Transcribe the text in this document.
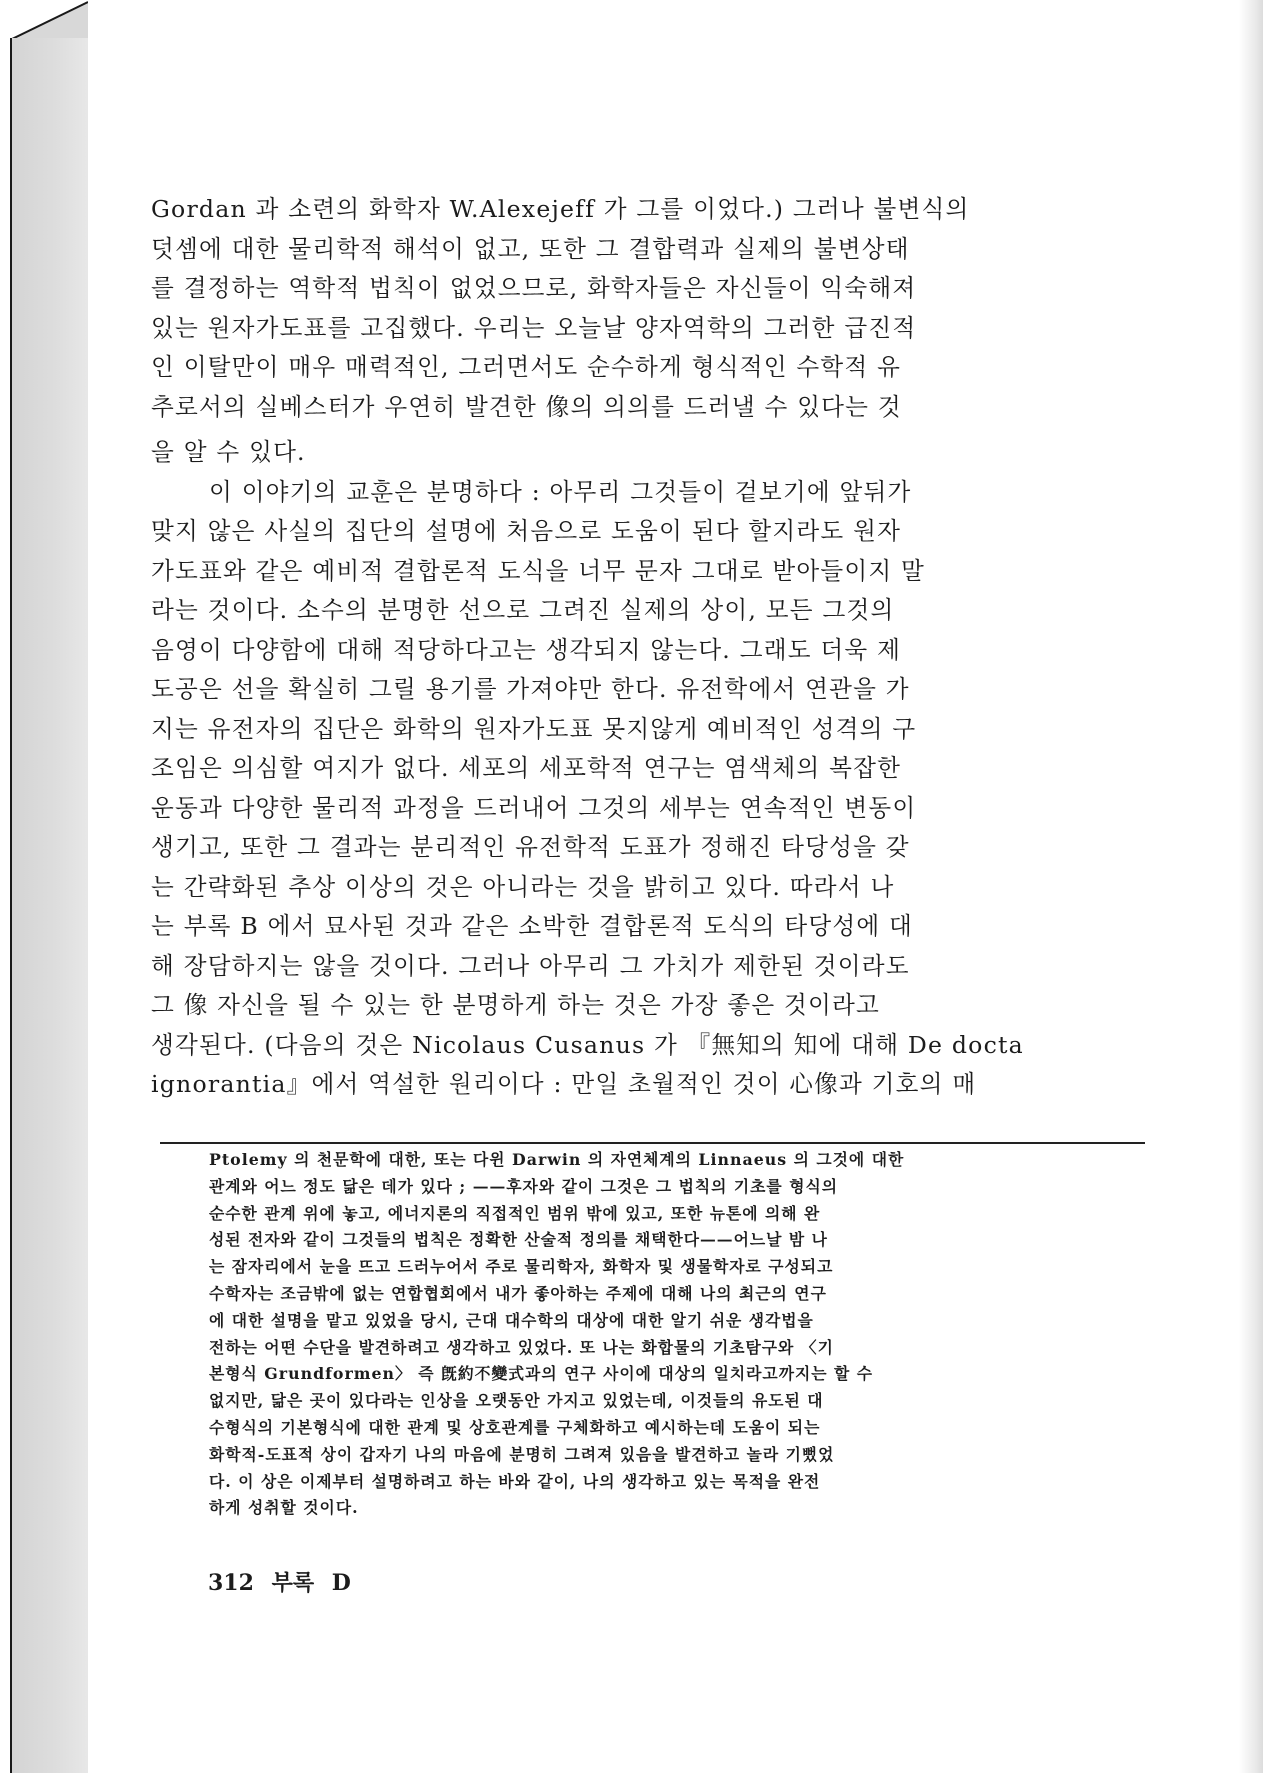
Gordan 과 소련의 화학자 W.Alexejeff 가 그를 이었다.) 그러나 불변식의
덧셈에 대한 물리학적 해석이 없고, 또한 그 결합력과 실제의 불변상태
를 결정하는 역학적 법칙이 없었으므로, 화학자들은 자신들이 익숙해져
있는 원자가도표를 고집했다. 우리는 오늘날 양자역학의 그러한 급진적
인 이탈만이 매우 매력적인, 그러면서도 순수하게 형식적인 수학적 유
추로서의 실베스터가 우연히 발견한 像의 의의를 드러낼 수 있다는 것
을 알 수 있다.
이 이야기의 교훈은 분명하다 : 아무리 그것들이 겉보기에 앞뒤가
맞지 않은 사실의 집단의 설명에 처음으로 도움이 된다 할지라도 원자
가도표와 같은 예비적 결합론적 도식을 너무 문자 그대로 받아들이지 말
라는 것이다. 소수의 분명한 선으로 그려진 실제의 상이, 모든 그것의
음영이 다양함에 대해 적당하다고는 생각되지 않는다. 그래도 더욱 제
도공은 선을 확실히 그릴 용기를 가져야만 한다. 유전학에서 연관을 가
지는 유전자의 집단은 화학의 원자가도표 못지않게 예비적인 성격의 구
조임은 의심할 여지가 없다. 세포의 세포학적 연구는 염색체의 복잡한
운동과 다양한 물리적 과정을 드러내어 그것의 세부는 연속적인 변동이
생기고, 또한 그 결과는 분리적인 유전학적 도표가 정해진 타당성을 갖
는 간략화된 추상 이상의 것은 아니라는 것을 밝히고 있다. 따라서 나
는 부록 B 에서 묘사된 것과 같은 소박한 결합론적 도식의 타당성에 대
해 장담하지는 않을 것이다. 그러나 아무리 그 가치가 제한된 것이라도
그 像 자신을 될 수 있는 한 분명하게 하는 것은 가장 좋은 것이라고
생각된다. (다음의 것은 Nicolaus Cusanus 가 『無知의 知에 대해 De docta
ignorantia』에서 역설한 원리이다 : 만일 초월적인 것이 心像과 기호의 매
Ptolemy 의 천문학에 대한, 또는 다윈 Darwin 의 자연체계의 Linnaeus 의 그것에 대한
관계와 어느 정도 닮은 데가 있다 ; ——후자와 같이 그것은 그 법칙의 기초를 형식의
순수한 관계 위에 놓고, 에너지론의 직접적인 범위 밖에 있고, 또한 뉴톤에 의해 완
성된 전자와 같이 그것들의 법칙은 정확한 산술적 정의를 채택한다——어느날 밤 나
는 잠자리에서 눈을 뜨고 드러누어서 주로 물리학자, 화학자 및 생물학자로 구성되고
수학자는 조금밖에 없는 연합협회에서 내가 좋아하는 주제에 대해 나의 최근의 연구
에 대한 설명을 맡고 있었을 당시, 근대 대수학의 대상에 대한 알기 쉬운 생각법을
전하는 어떤 수단을 발견하려고 생각하고 있었다. 또 나는 화합물의 기초탐구와 〈기
본형식 Grundformen〉 즉 旣約不變式과의 연구 사이에 대상의 일치라고까지는 할 수
없지만, 닮은 곳이 있다라는 인상을 오랫동안 가지고 있었는데, 이것들의 유도된 대
수형식의 기본형식에 대한 관계 및 상호관계를 구체화하고 예시하는데 도움이 되는
화학적-도표적 상이 갑자기 나의 마음에 분명히 그려져 있음을 발견하고 놀라 기뻤었
다. 이 상은 이제부터 설명하려고 하는 바와 같이, 나의 생각하고 있는 목적을 완전
하게 성취할 것이다.
312 부록 D
